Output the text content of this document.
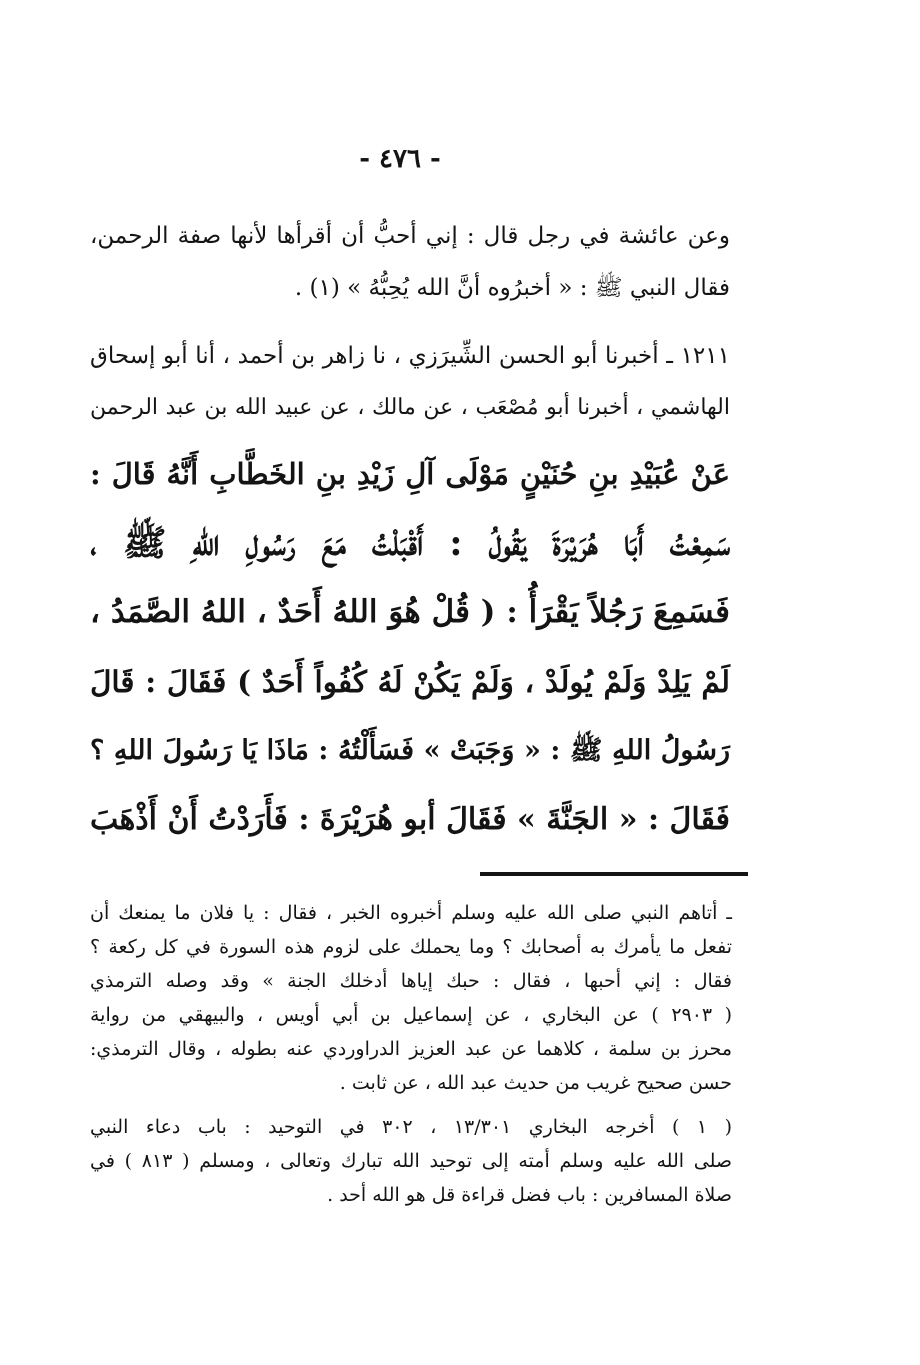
- ٤٧٦ -
وعن عائشة في رجل قال : إني أحبُّ أن أقرأها لأنها صفة الرحمن،
فقال النبي ﷺ : « أخبرُوه أنَّ الله يُحِبُّهُ » (١) .
١٢١١ ـ أخبرنا أبو الحسن الشِّيرَزي ، نا زاهر بن أحمد ، أنا أبو إسحاق
الهاشمي ، أخبرنا أبو مُصْعَب ، عن مالك ، عن عبيد الله بن عبد الرحمن
عَنْ عُبَيْدِ بنِ حُنَيْنٍ مَوْلَى آلِ زَيْدِ بنِ الخَطَّابِ أَنَّهُ قَالَ :
سَمِعْتُ أَبَا هُرَيْرَةَ يَقُولُ : أَقْبَلْتُ مَعَ رَسُولِ اللهِ ﷺ ،
فَسَمِعَ رَجُلاً يَقْرَأُ : ( قُلْ هُوَ اللهُ أَحَدٌ ، اللهُ الصَّمَدُ ،
لَمْ يَلِدْ وَلَمْ يُولَدْ ، وَلَمْ يَكُنْ لَهُ كُفُواً أَحَدٌ ) فَقَالَ : قَالَ
رَسُولُ اللهِ ﷺ : « وَجَبَتْ » فَسَأَلْتُهُ : مَاذَا يَا رَسُولَ اللهِ ؟
فَقَالَ : « الجَنَّةَ » فَقَالَ أبو هُرَيْرَةَ : فَأَرَدْتُ أَنْ أَذْهَبَ
ـ أتاهم النبي صلى الله عليه وسلم أخبروه الخبر ، فقال : يا فلان ما يمنعك أن
تفعل ما يأمرك به أصحابك ؟ وما يحملك على لزوم هذه السورة في كل ركعة ؟
فقال : إني أحبها ، فقال : حبك إياها أدخلك الجنة » وقد وصله الترمذي
( ٢٩٠٣ ) عن البخاري ، عن إسماعيل بن أبي أويس ، والبيهقي من رواية
محرز بن سلمة ، كلاهما عن عبد العزيز الدراوردي عنه بطوله ، وقال الترمذي:
حسن صحيح غريب من حديث عبد الله ، عن ثابت .
( ١ ) أخرجه البخاري ١٣/٣٠١ ، ٣٠٢ في التوحيد : باب دعاء النبي
صلى الله عليه وسلم أمته إلى توحيد الله تبارك وتعالى ، ومسلم ( ٨١٣ ) في
صلاة المسافرين : باب فضل قراءة قل هو الله أحد .
